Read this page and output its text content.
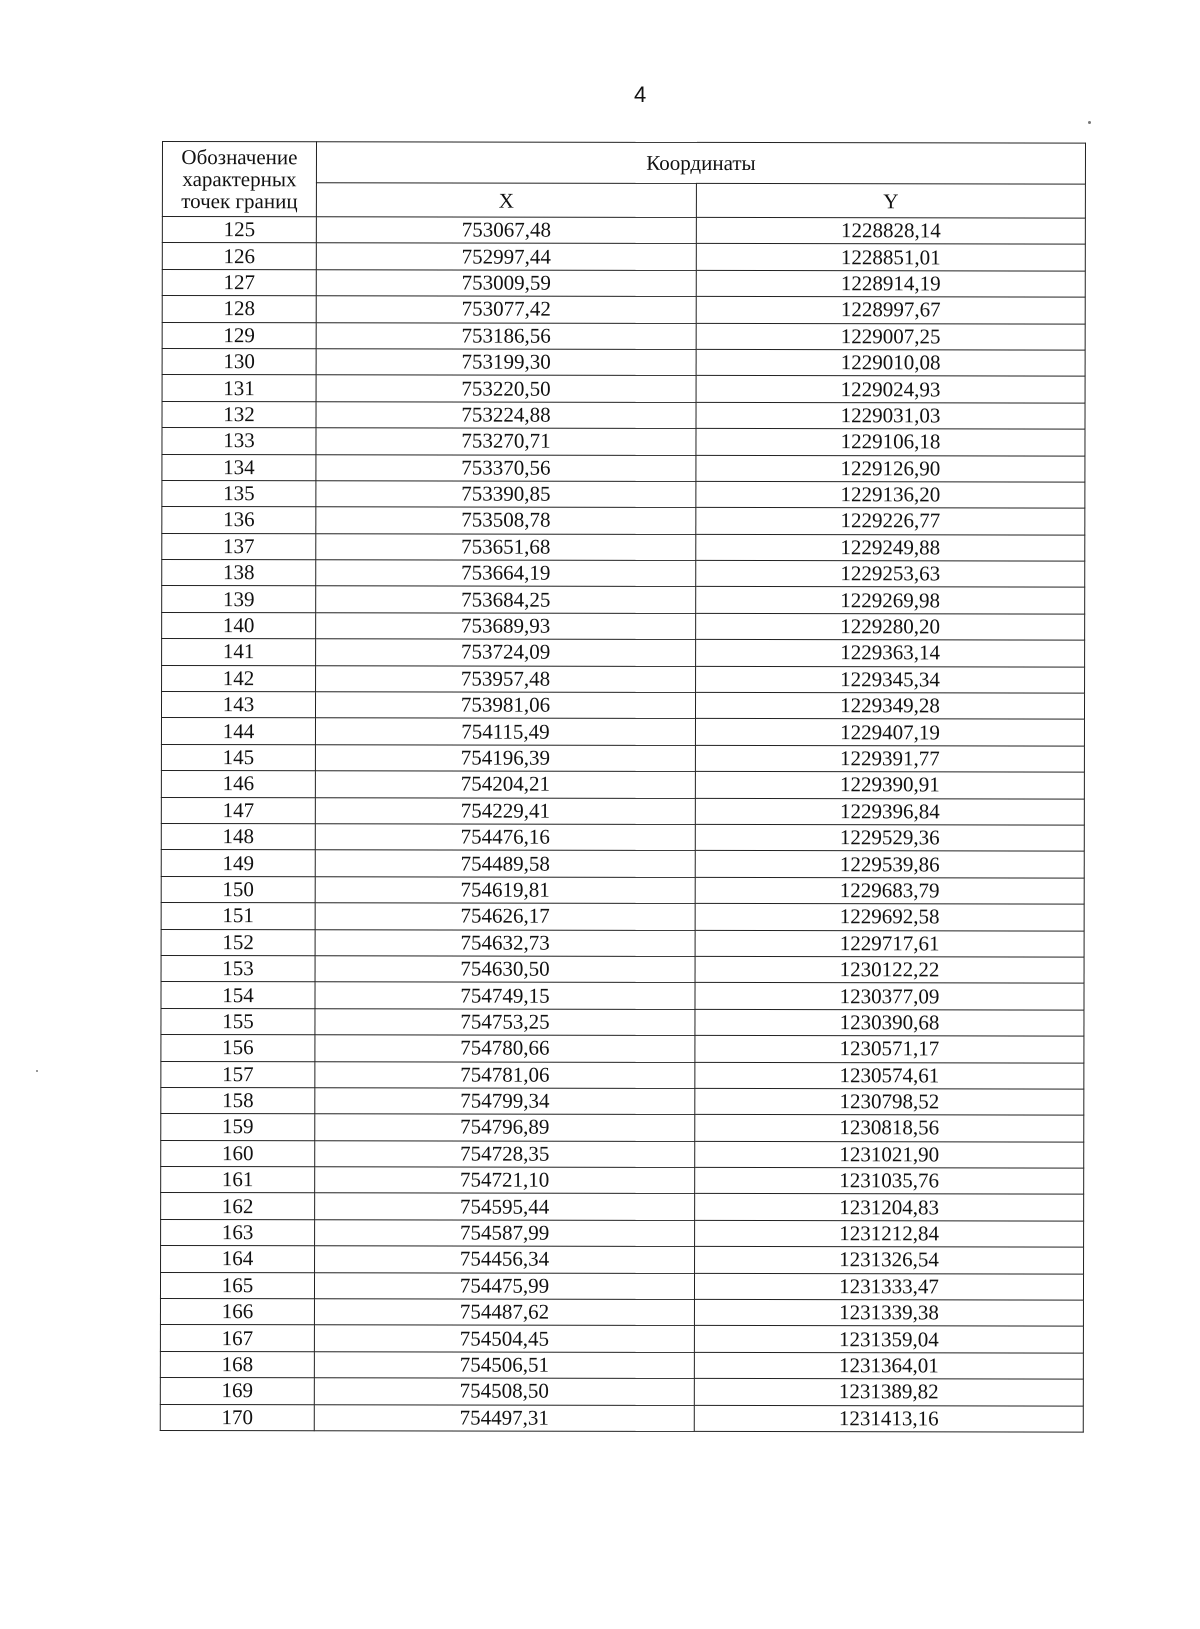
4
Обозначение характерных точек границ	Координаты	
	X	Y
125	753067,48	1228828,14
126	752997,44	1228851,01
127	753009,59	1228914,19
128	753077,42	1228997,67
129	753186,56	1229007,25
130	753199,30	1229010,08
131	753220,50	1229024,93
132	753224,88	1229031,03
133	753270,71	1229106,18
134	753370,56	1229126,90
135	753390,85	1229136,20
136	753508,78	1229226,77
137	753651,68	1229249,88
138	753664,19	1229253,63
139	753684,25	1229269,98
140	753689,93	1229280,20
141	753724,09	1229363,14
142	753957,48	1229345,34
143	753981,06	1229349,28
144	754115,49	1229407,19
145	754196,39	1229391,77
146	754204,21	1229390,91
147	754229,41	1229396,84
148	754476,16	1229529,36
149	754489,58	1229539,86
150	754619,81	1229683,79
151	754626,17	1229692,58
152	754632,73	1229717,61
153	754630,50	1230122,22
154	754749,15	1230377,09
155	754753,25	1230390,68
156	754780,66	1230571,17
157	754781,06	1230574,61
158	754799,34	1230798,52
159	754796,89	1230818,56
160	754728,35	1231021,90
161	754721,10	1231035,76
162	754595,44	1231204,83
163	754587,99	1231212,84
164	754456,34	1231326,54
165	754475,99	1231333,47
166	754487,62	1231339,38
167	754504,45	1231359,04
168	754506,51	1231364,01
169	754508,50	1231389,82
170	754497,31	1231413,16
